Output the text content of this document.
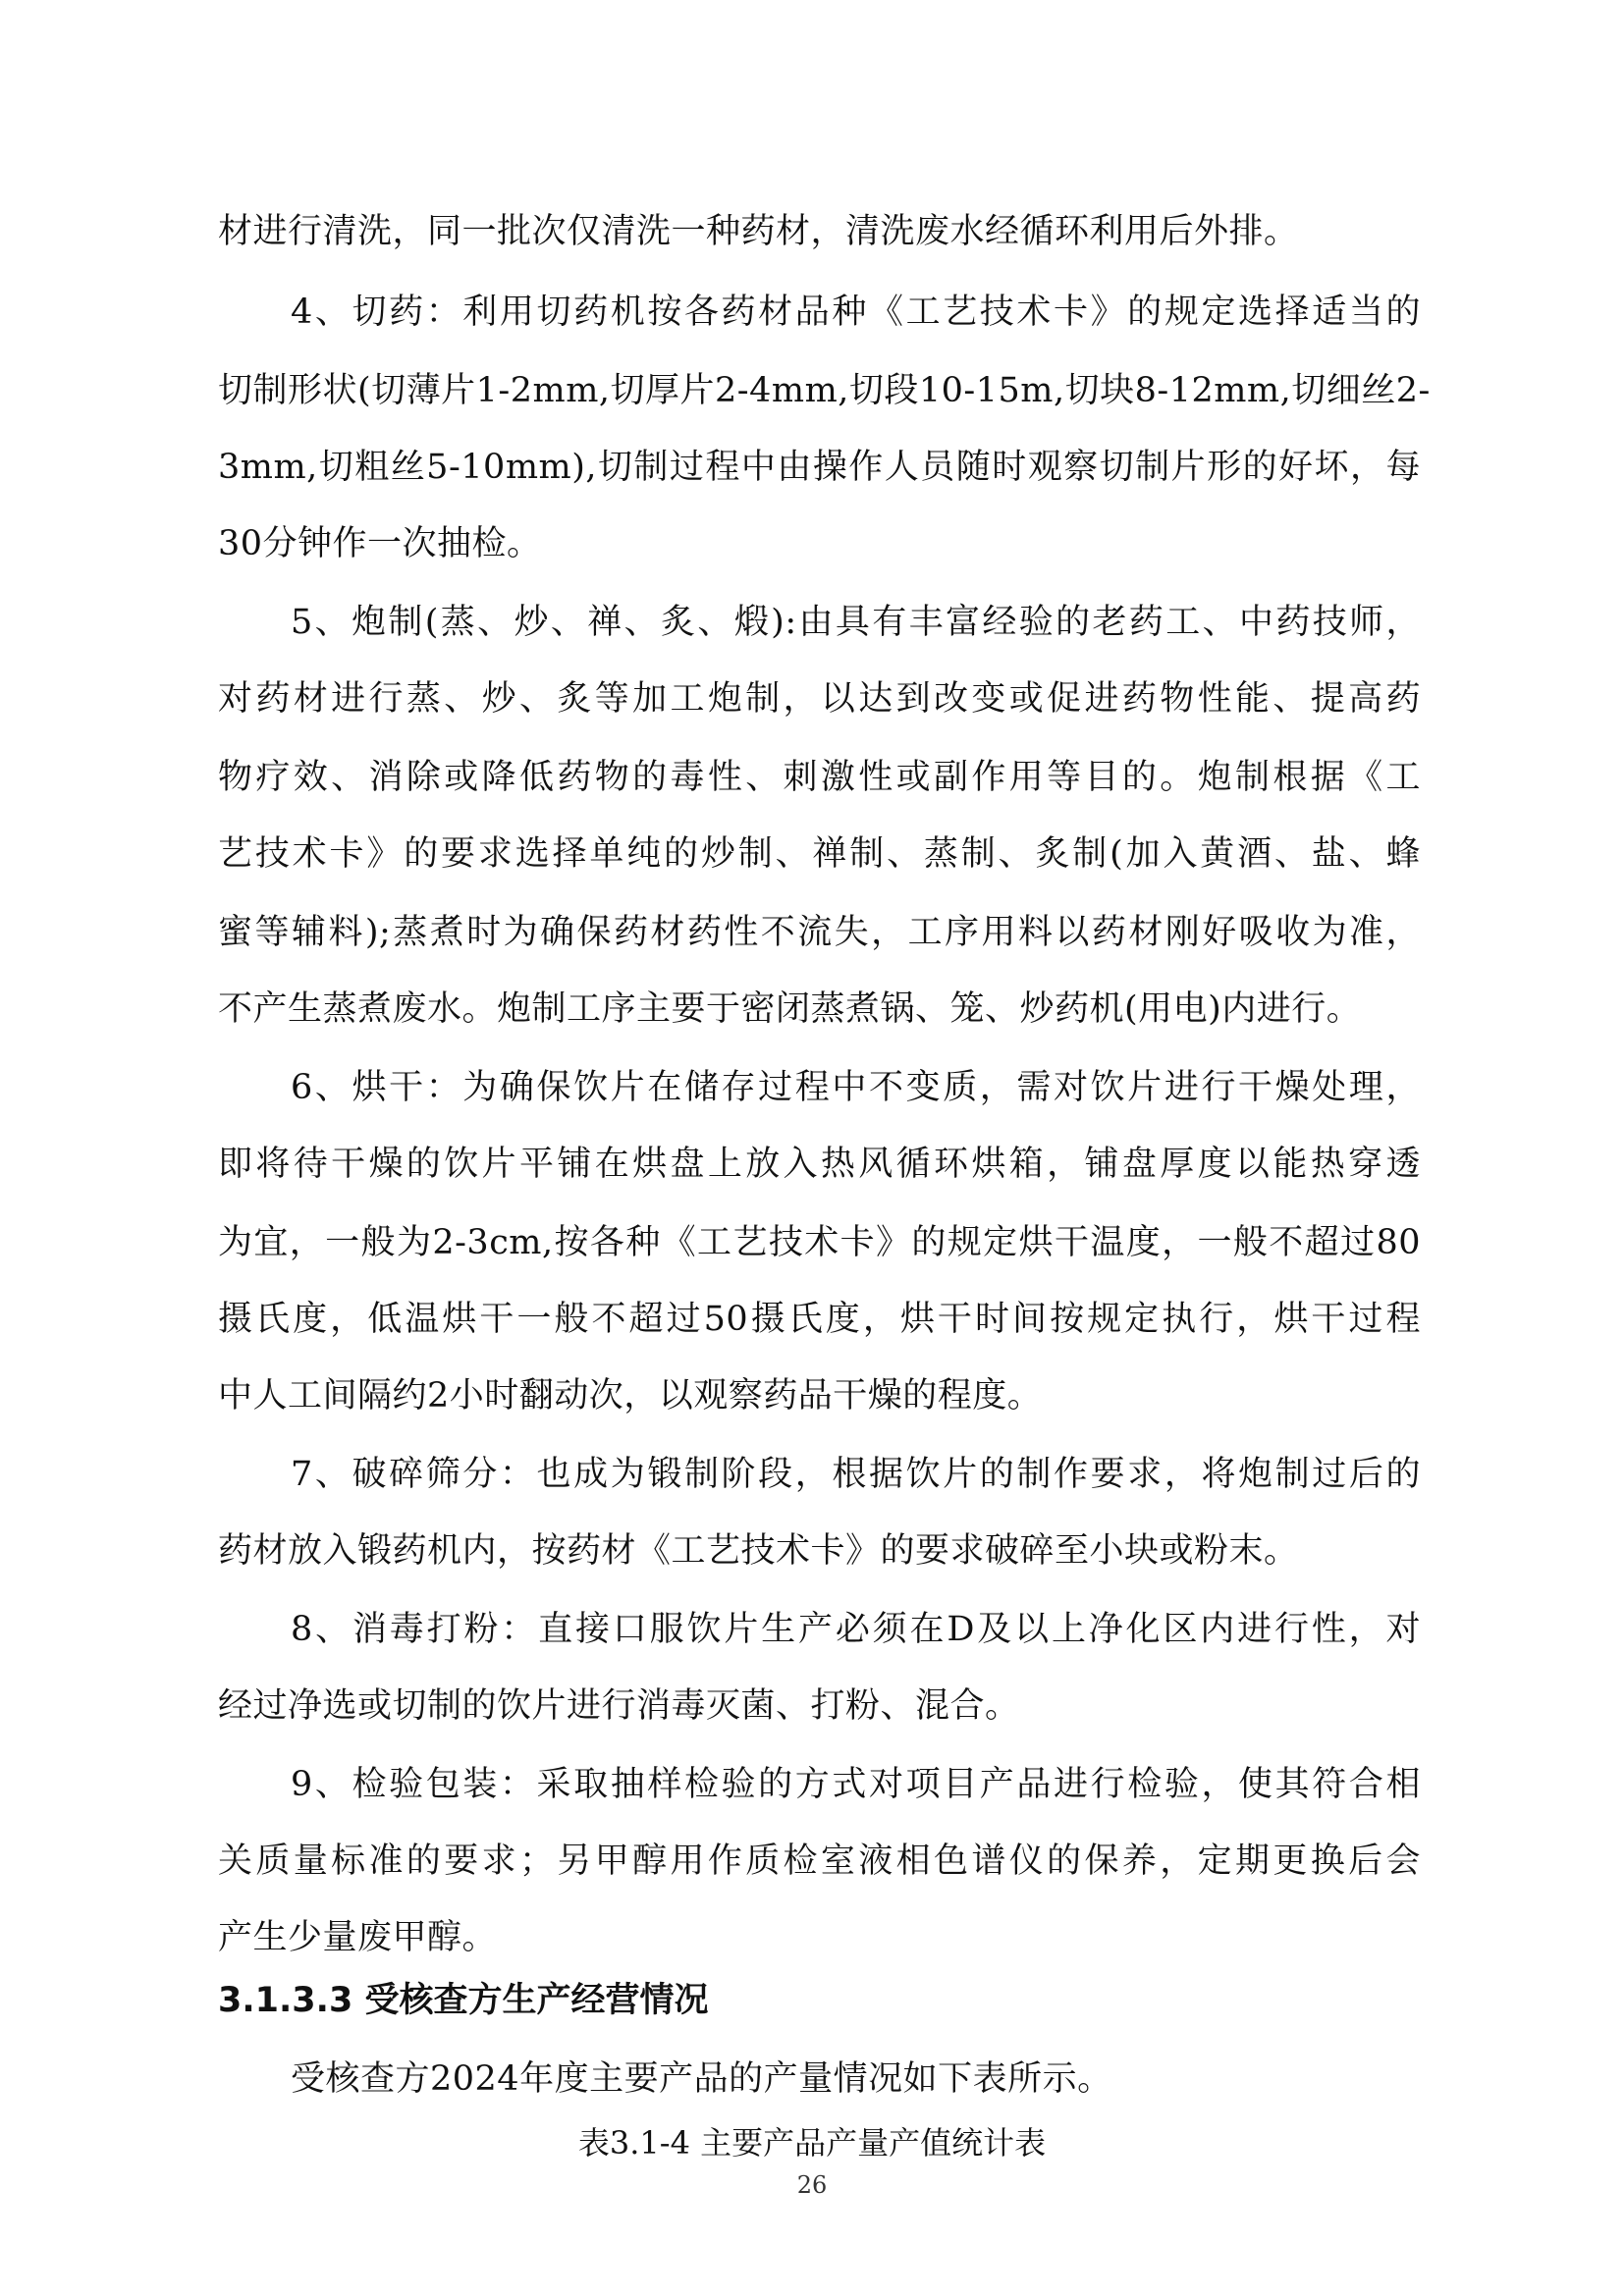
材进行清洗，同一批次仅清洗一种药材，清洗废水经循环利用后外排。
4、切药：利用切药机按各药材品种《工艺技术卡》的规定选择适当的
切制形状(切薄片1-2mm,切厚片2-4mm,切段10-15m,切块8-12mm,切细丝2-
3mm,切粗丝5-10mm),切制过程中由操作人员随时观察切制片形的好坏，每
30分钟作一次抽检。
5、炮制(蒸、炒、禅、炙、煅):由具有丰富经验的老药工、中药技师，
对药材进行蒸、炒、炙等加工炮制，以达到改变或促进药物性能、提高药
物疗效、消除或降低药物的毒性、刺激性或副作用等目的。炮制根据《工
艺技术卡》的要求选择单纯的炒制、禅制、蒸制、炙制(加入黄酒、盐、蜂
蜜等辅料);蒸煮时为确保药材药性不流失，工序用料以药材刚好吸收为准，
不产生蒸煮废水。炮制工序主要于密闭蒸煮锅、笼、炒药机(用电)内进行。
6、烘干：为确保饮片在储存过程中不变质，需对饮片进行干燥处理，
即将待干燥的饮片平铺在烘盘上放入热风循环烘箱，铺盘厚度以能热穿透
为宜，一般为2-3cm,按各种《工艺技术卡》的规定烘干温度，一般不超过80
摄氏度，低温烘干一般不超过50摄氏度，烘干时间按规定执行，烘干过程
中人工间隔约2小时翻动次，以观察药品干燥的程度。
7、破碎筛分：也成为锻制阶段，根据饮片的制作要求，将炮制过后的
药材放入锻药机内，按药材《工艺技术卡》的要求破碎至小块或粉末。
8、消毒打粉：直接口服饮片生产必须在D及以上净化区内进行性，对
经过净选或切制的饮片进行消毒灭菌、打粉、混合。
9、检验包装：采取抽样检验的方式对项目产品进行检验，使其符合相
关质量标准的要求；另甲醇用作质检室液相色谱仪的保养，定期更换后会
产生少量废甲醇。
3.1.3.3 受核查方生产经营情况
受核查方2024年度主要产品的产量情况如下表所示。
表3.1-4 主要产品产量产值统计表
26
